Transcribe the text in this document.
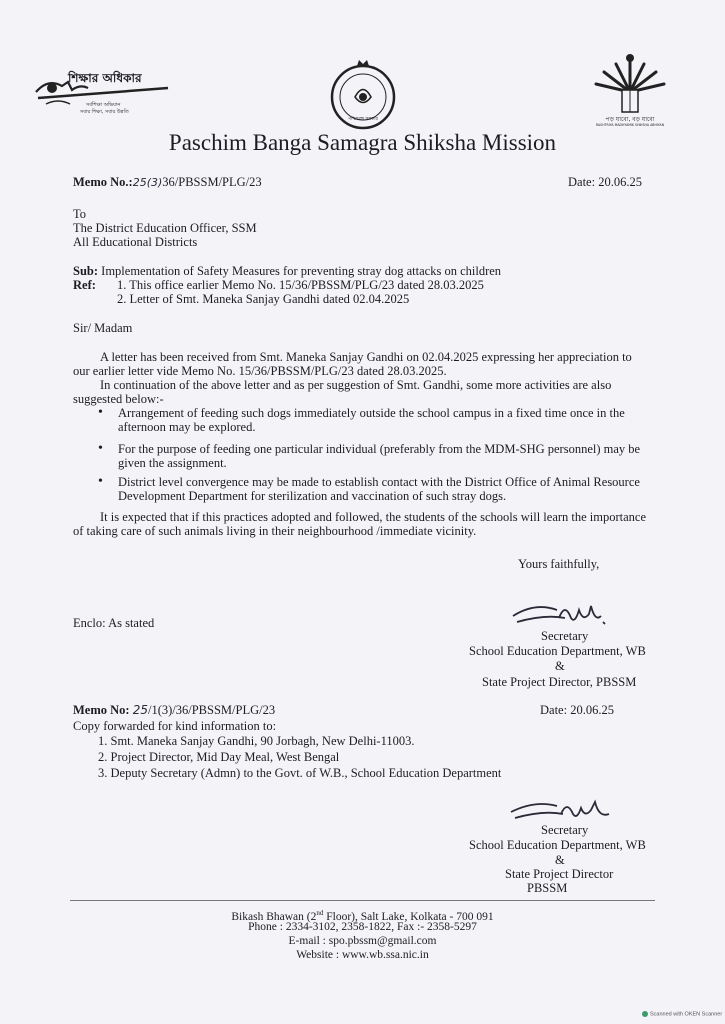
শিক্ষার অধিকার
সর্বশিক্ষা অভিযান
সবার শিক্ষা, সবার উন্নতি
পশ্চিমবঙ্গ সরকার	পড় যাবো, বড় যাবো
RASHTRIYA MADHYAMIK SHIKSHA ABHIYAN
Paschim Banga Samagra Shiksha Mission
Memo No.:25(3)36/PBSSM/PLG/23	Date: 20.06.25
To
The District Education Officer, SSM
All Educational Districts
Sub: Implementation of Safety Measures for preventing stray dog attacks on children
Ref: 1. This office earlier Memo No. 15/36/PBSSM/PLG/23 dated 28.03.2025
2. Letter of Smt. Maneka Sanjay Gandhi dated 02.04.2025
Sir/ Madam
A letter has been received from Smt. Maneka Sanjay Gandhi on 02.04.2025 expressing her appreciation to
our earlier letter vide Memo No. 15/36/PBSSM/PLG/23 dated 28.03.2025.
In continuation of the above letter and as per suggestion of Smt. Gandhi, some more activities are also
suggested below:-
• Arrangement of feeding such dogs immediately outside the school campus in a fixed time once in the
afternoon may be explored.
• For the purpose of feeding one particular individual (preferably from the MDM-SHG personnel) may be
given the assignment.
• District level convergence may be made to establish contact with the District Office of Animal Resource
Development Department for sterilization and vaccination of such stray dogs.
It is expected that if this practices adopted and followed, the students of the schools will learn the importance
of taking care of such animals living in their neighbourhood /immediate vicinity.
Yours faithfully,
Enclo: As stated
Secretary
School Education Department, WB
&
State Project Director, PBSSM
Memo No: 25/1(3)/36/PBSSM/PLG/23	Date: 20.06.25
Copy forwarded for kind information to:
1. Smt. Maneka Sanjay Gandhi, 90 Jorbagh, New Delhi-11003.
2. Project Director, Mid Day Meal, West Bengal
3. Deputy Secretary (Admn) to the Govt. of W.B., School Education Department
Secretary
School Education Department, WB
&
State Project Director
PBSSM
Bikash Bhawan (2nd Floor), Salt Lake, Kolkata - 700 091
Phone : 2334-3102, 2358-1822, Fax :- 2358-5297
E-mail : spo.pbssm@gmail.com
Website : www.wb.ssa.nic.in
Scanned with OKEN Scanner
